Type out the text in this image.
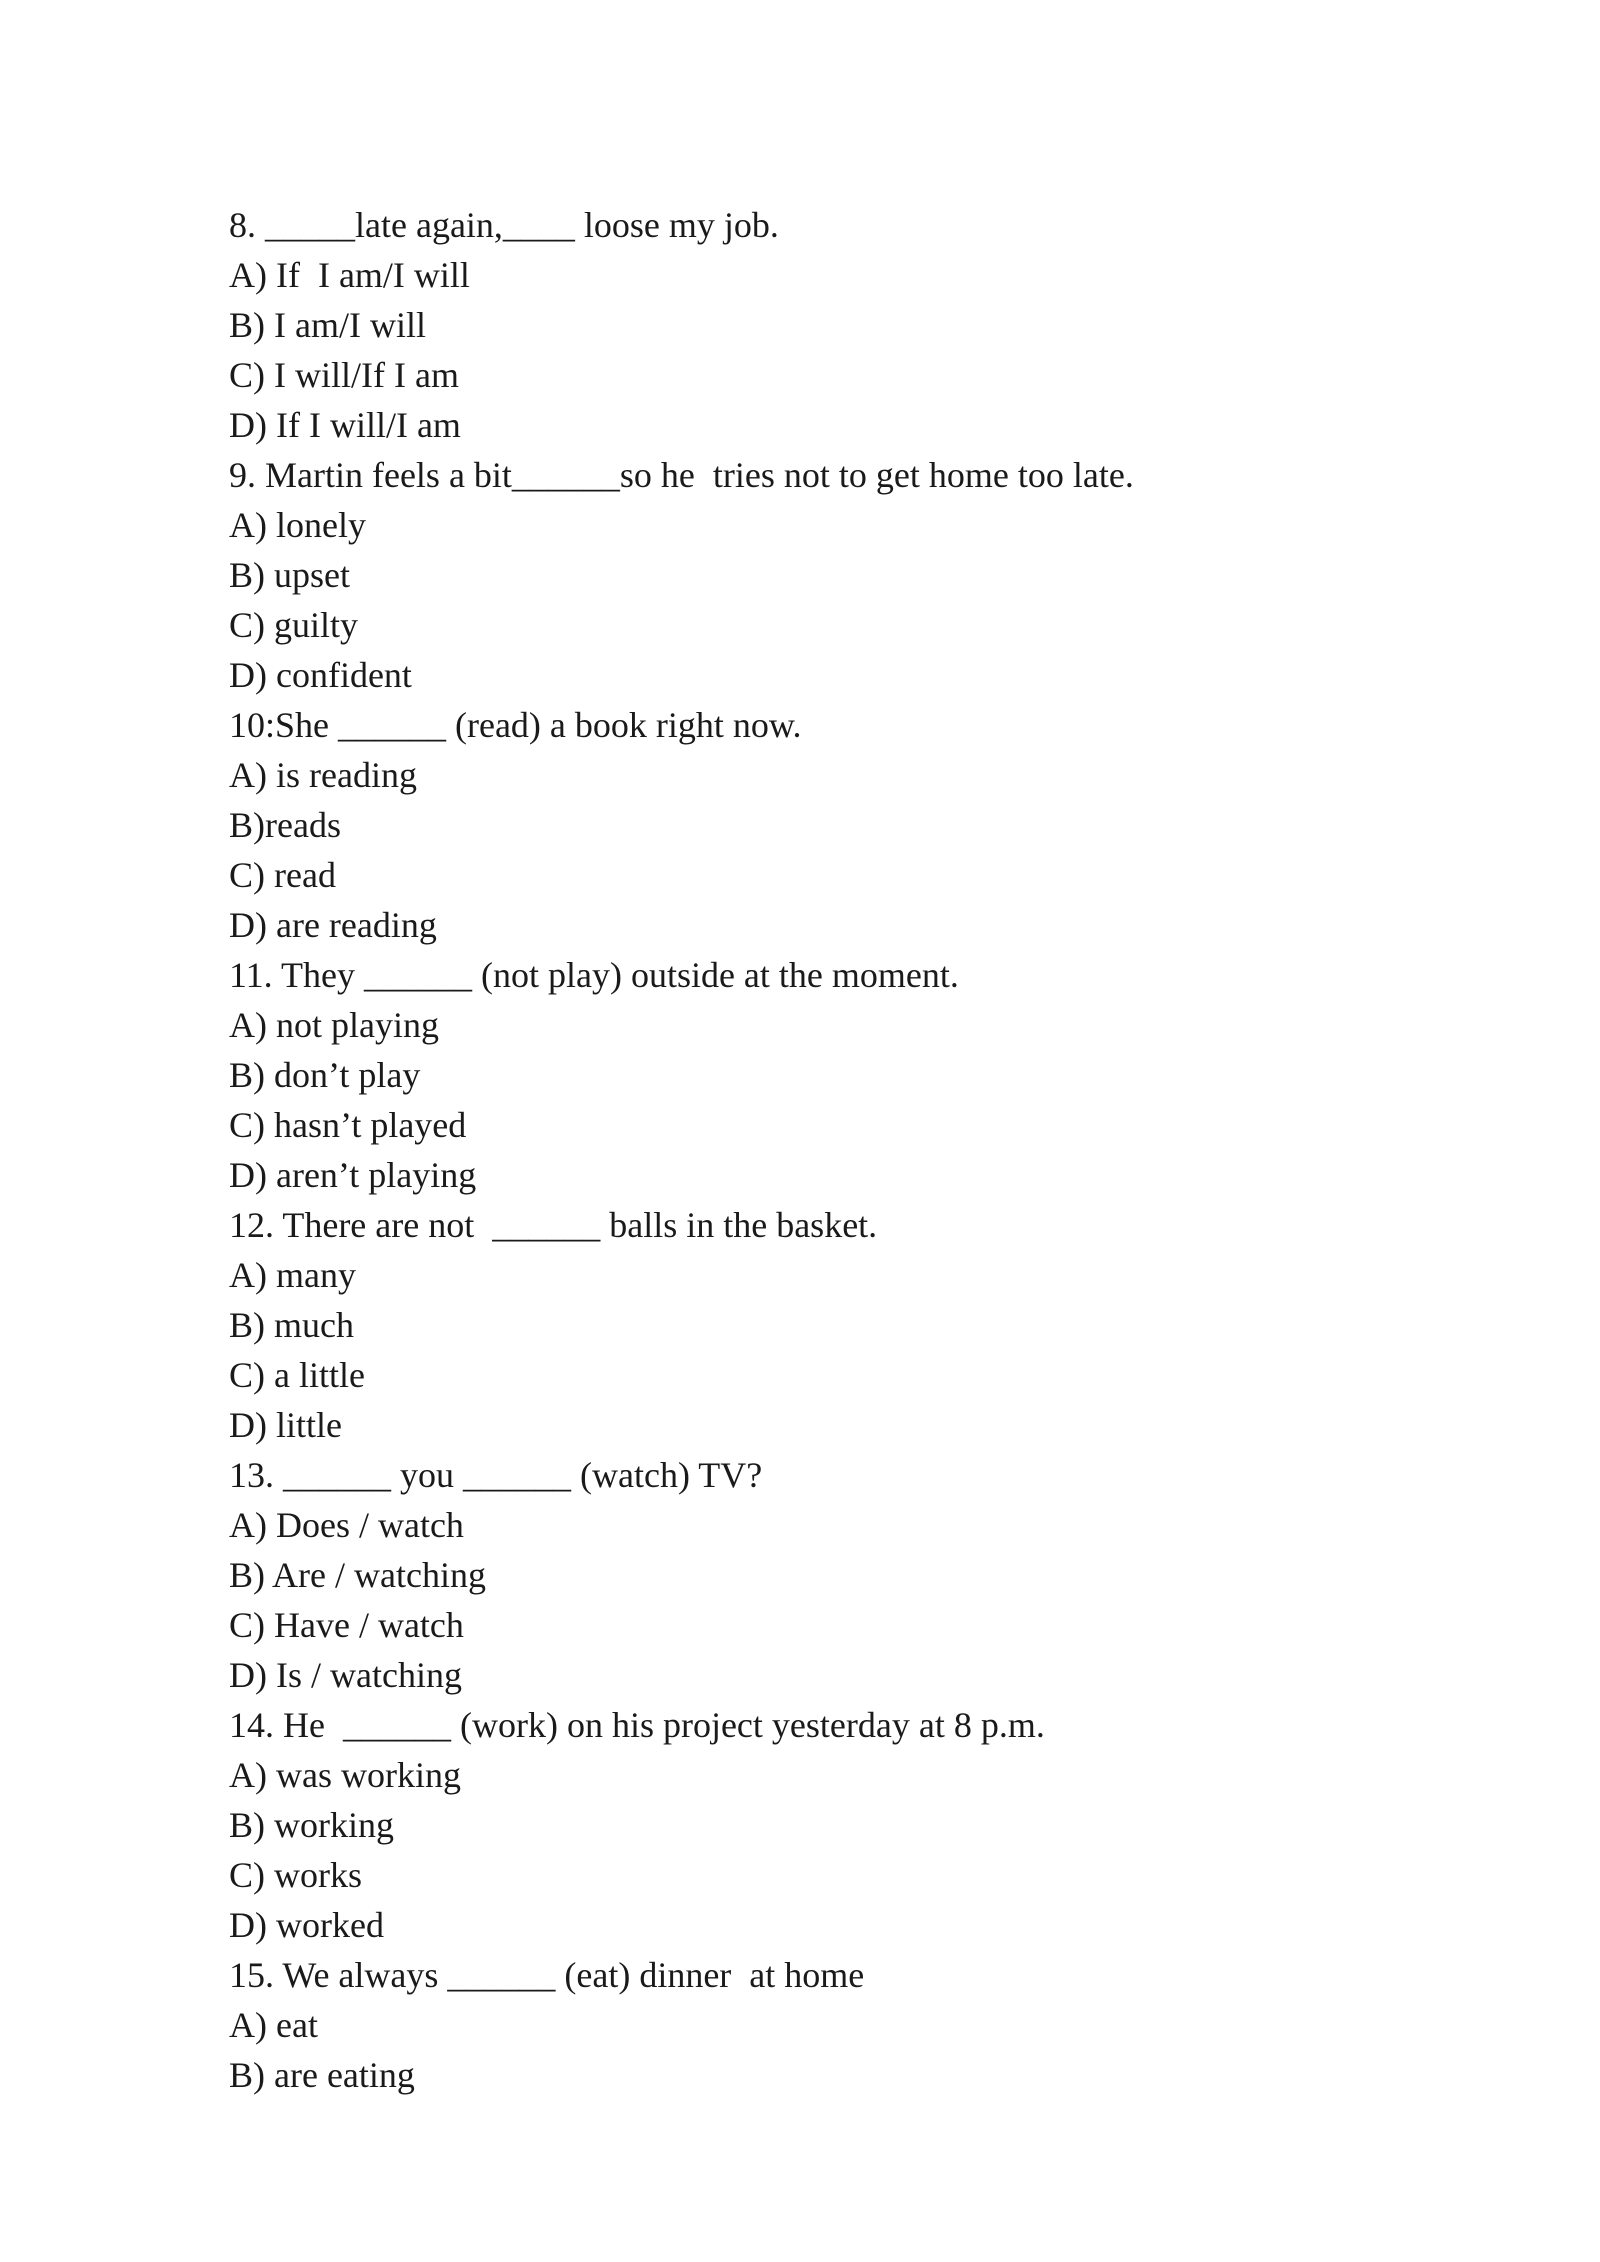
8. _____late again,____ loose my job.
A) If  I am/I will
B) I am/I will
C) I will/If I am
D) If I will/I am
9. Martin feels a bit______so he  tries not to get home too late.
A) lonely
B) upset
C) guilty
D) confident
10:She ______ (read) a book right now.
A) is reading
B)reads
C) read
D) are reading
11. They ______ (not play) outside at the moment.
A) not playing
B) don’t play
C) hasn’t played
D) aren’t playing
12. There are not  ______ balls in the basket.
A) many
B) much
C) a little
D) little
13. ______ you ______ (watch) TV?
A) Does / watch
B) Are / watching
C) Have / watch
D) Is / watching
14. He  ______ (work) on his project yesterday at 8 p.m.
A) was working
B) working
C) works
D) worked
15. We always ______ (eat) dinner  at home
A) eat
B) are eating
